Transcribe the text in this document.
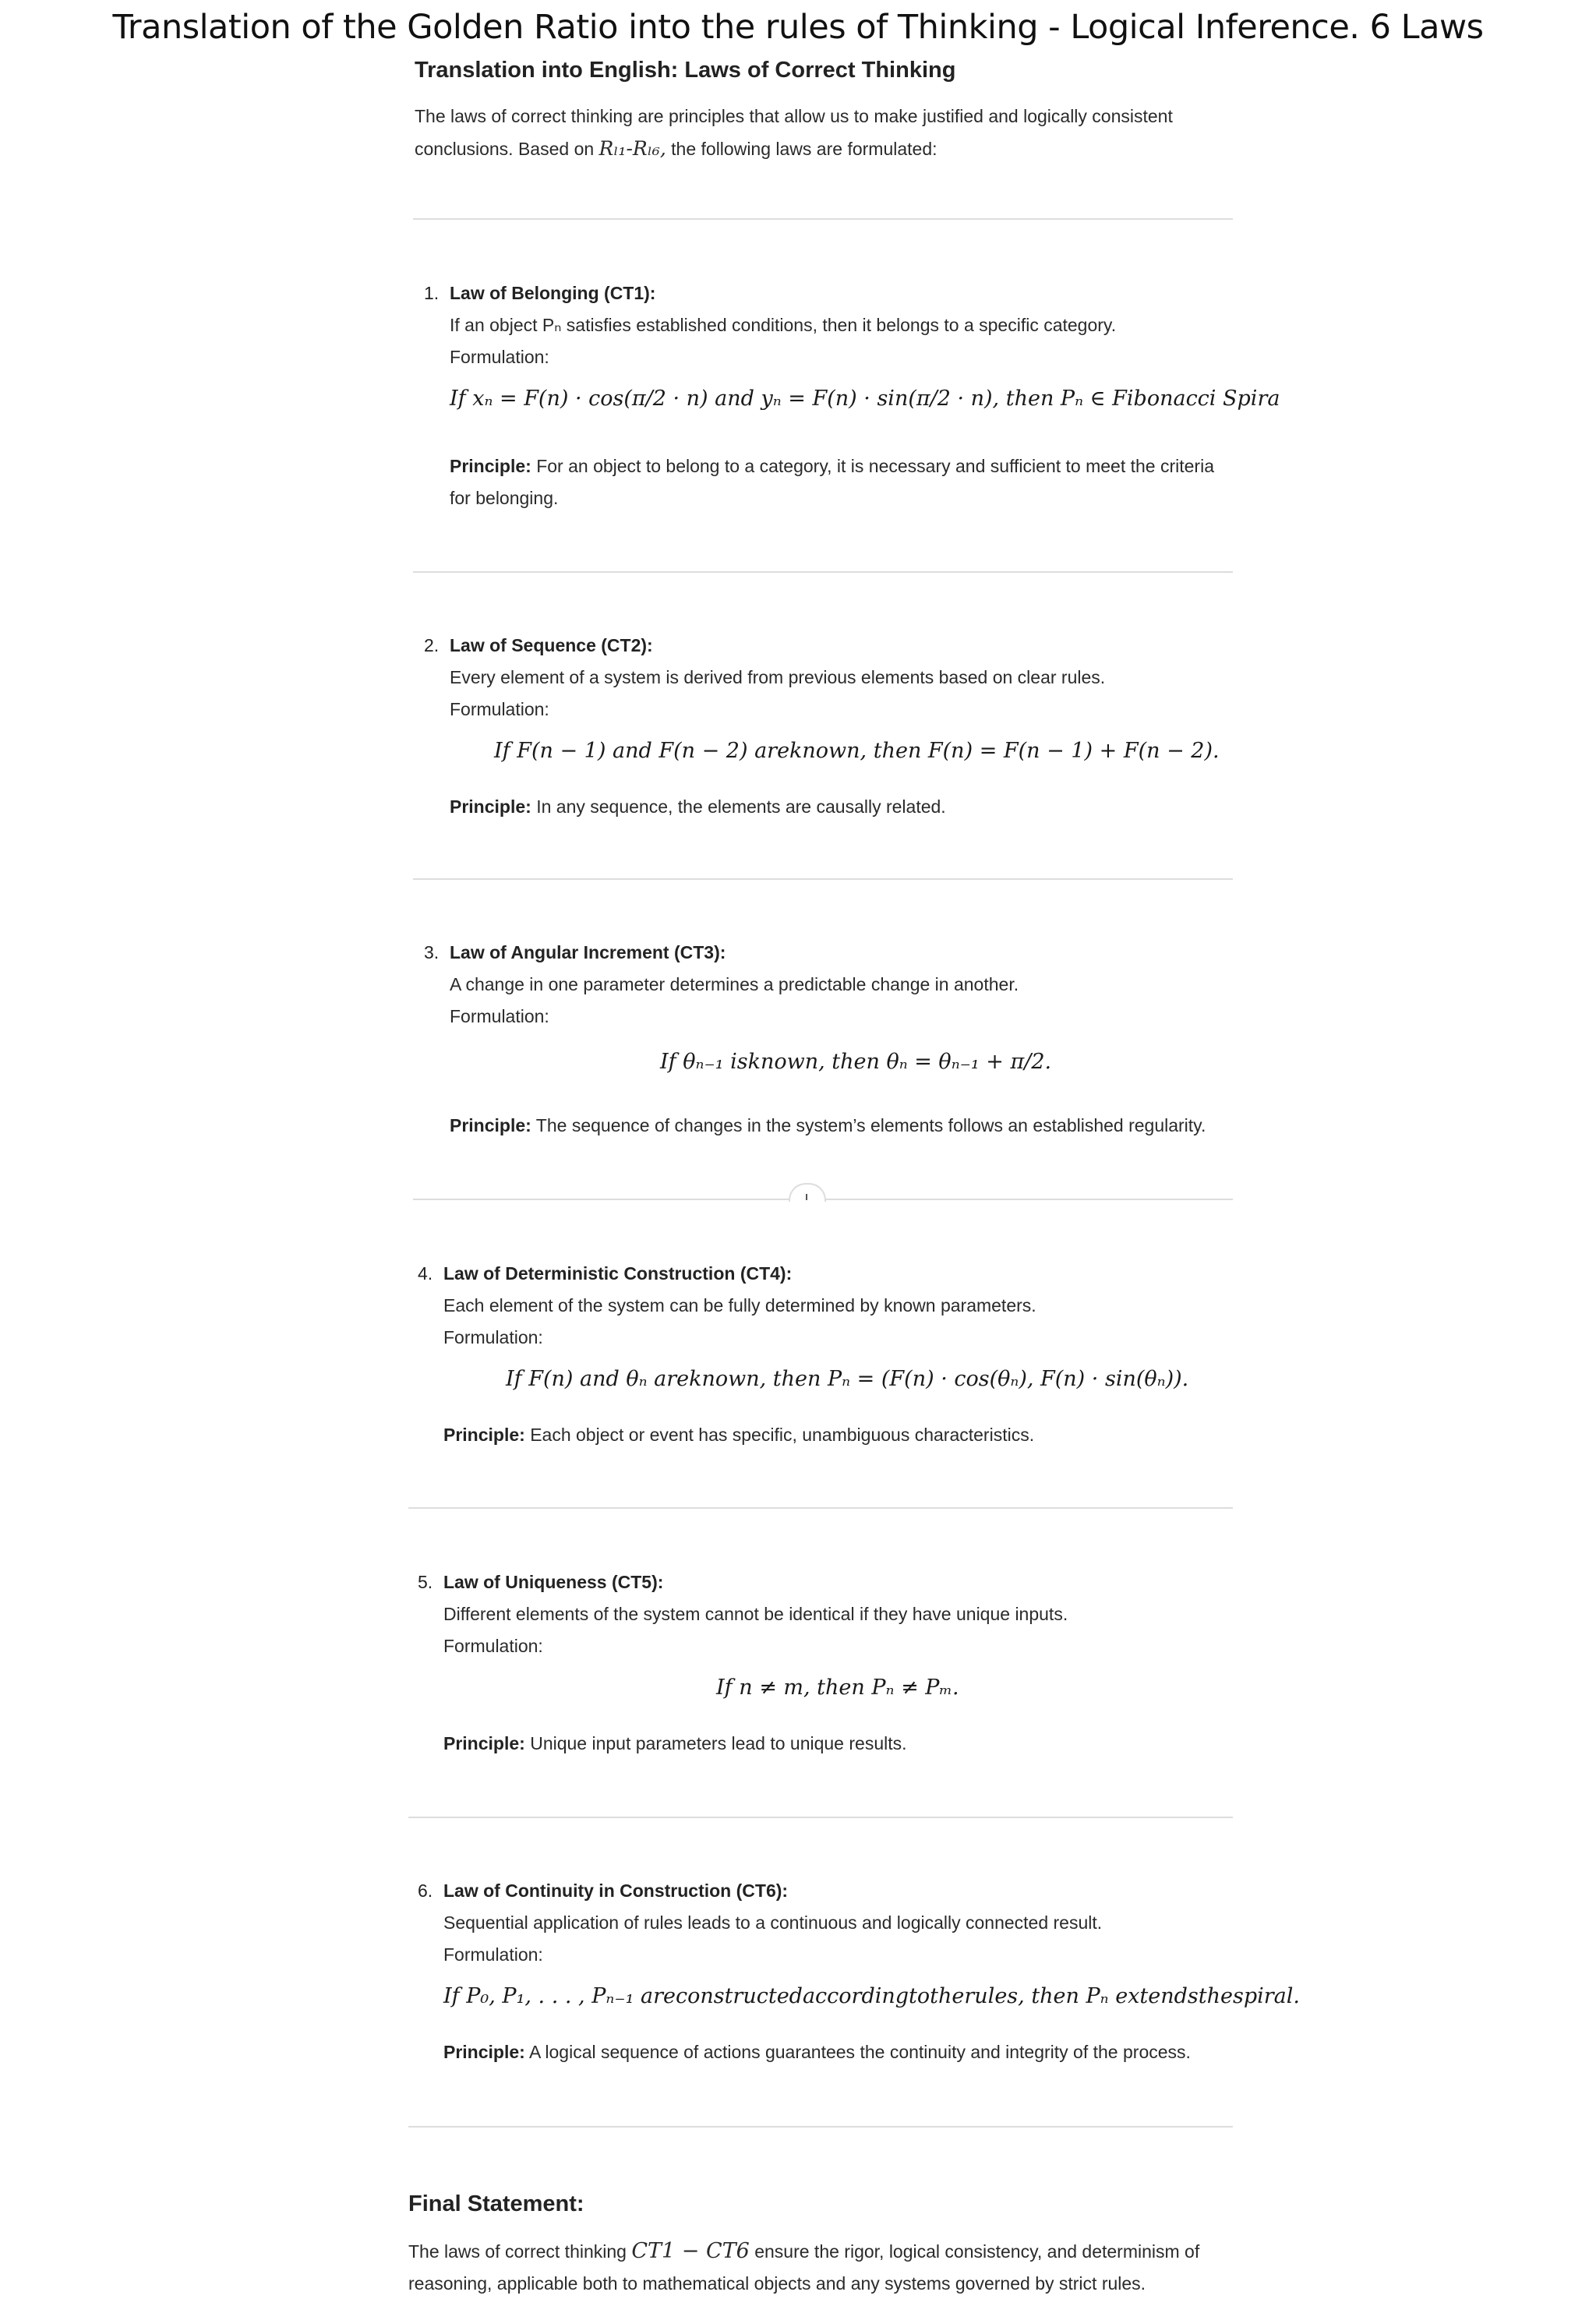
Translation of the Golden Ratio into the rules of Thinking - Logical Inference. 6 Laws
Translation into English: Laws of Correct Thinking
The laws of correct thinking are principles that allow us to make justified and logically consistent
conclusions. Based on Rₗ₁-Rₗ₆, the following laws are formulated:
1. Law of Belonging (CT1):
If an object Pₙ satisfies established conditions, then it belongs to a specific category.
Formulation:
If xₙ = F(n) · cos(π/2 · n) and yₙ = F(n) · sin(π/2 · n), then Pₙ ∈ Fibonacci Spira
Principle: For an object to belong to a category, it is necessary and sufficient to meet the criteria
for belonging.
2. Law of Sequence (CT2):
Every element of a system is derived from previous elements based on clear rules.
Formulation:
If F(n − 1) and F(n − 2) areknown, then F(n) = F(n − 1) + F(n − 2).
Principle: In any sequence, the elements are causally related.
3. Law of Angular Increment (CT3):
A change in one parameter determines a predictable change in another.
Formulation:
If θₙ₋₁ isknown, then θₙ = θₙ₋₁ + π/2.
Principle: The sequence of changes in the system’s elements follows an established regularity.
4. Law of Deterministic Construction (CT4):
Each element of the system can be fully determined by known parameters.
Formulation:
If F(n) and θₙ areknown, then Pₙ = (F(n) · cos(θₙ), F(n) · sin(θₙ)).
Principle: Each object or event has specific, unambiguous characteristics.
5. Law of Uniqueness (CT5):
Different elements of the system cannot be identical if they have unique inputs.
Formulation:
If n ≠ m, then Pₙ ≠ Pₘ.
Principle: Unique input parameters lead to unique results.
6. Law of Continuity in Construction (CT6):
Sequential application of rules leads to a continuous and logically connected result.
Formulation:
If P₀, P₁, . . . , Pₙ₋₁ areconstructedaccordingtotherules, then Pₙ extendsthespiral.
Principle: A logical sequence of actions guarantees the continuity and integrity of the process.
Final Statement:
The laws of correct thinking CT1 − CT6 ensure the rigor, logical consistency, and determinism of
reasoning, applicable both to mathematical objects and any systems governed by strict rules.
